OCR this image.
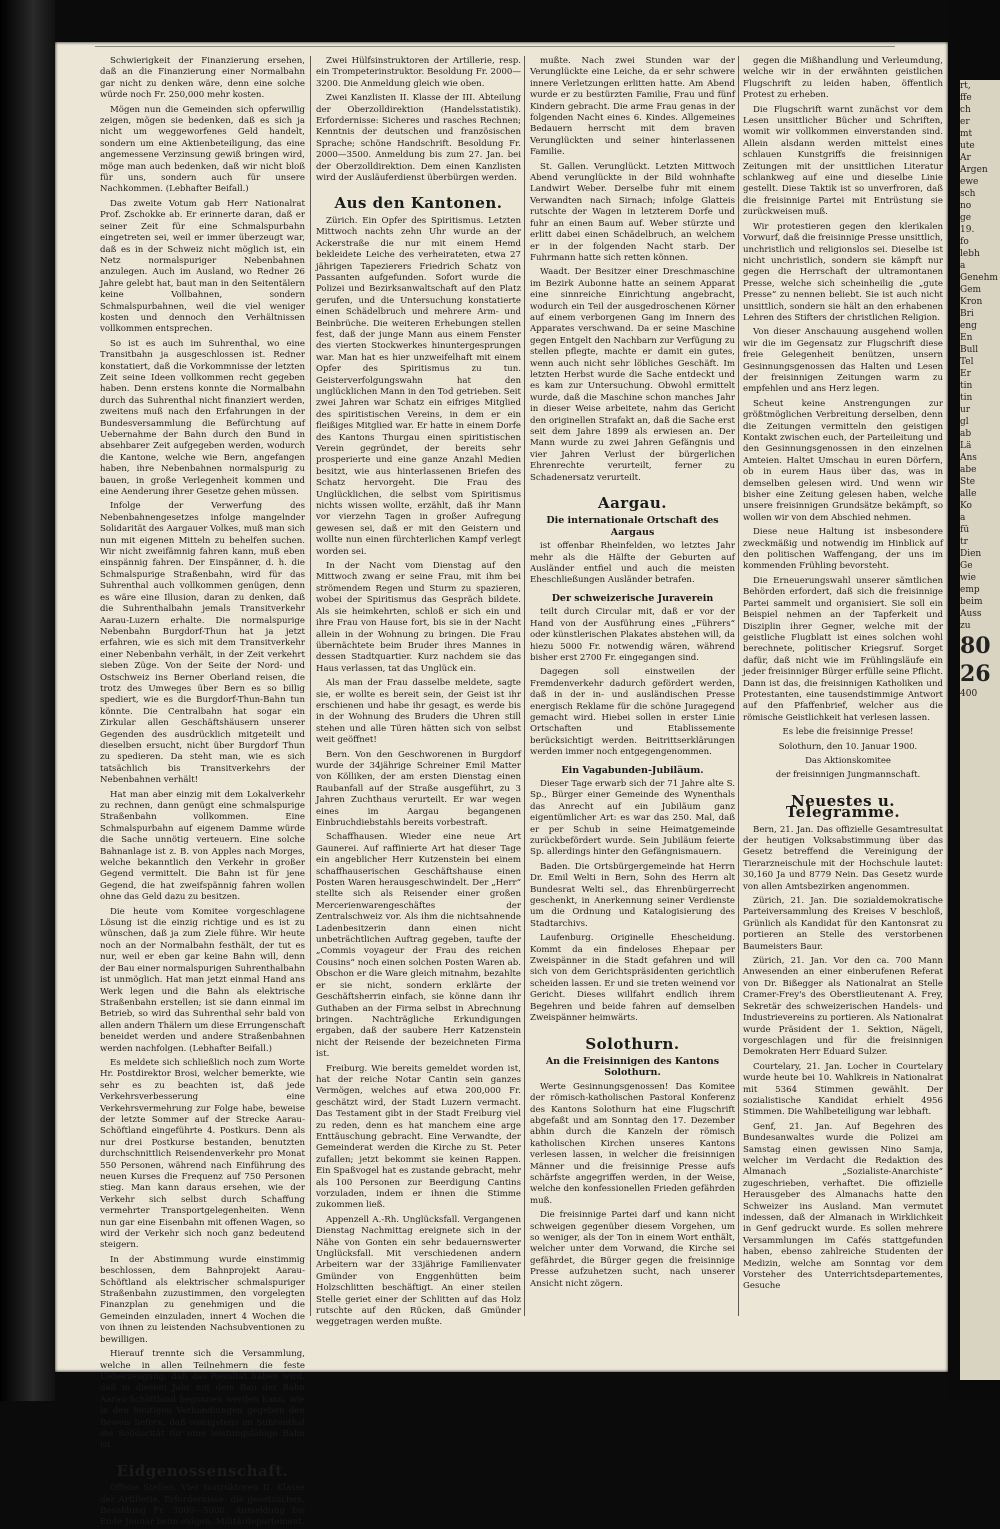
rt,
ffe
ch
er
mt
ute
Ar
Argen
ewe
sch
no
ge
19.
fo
lebh
a
Genehm
Gem
Kron
Bri
eng
En
Bull
Tel
Er
tin
tin
ur
gl
ab
Lä
Ans
abe
Ste
alle
Ko
a
fü
tr
Dien
Ge
wie
emp
beim
Auss
zu
80
26
400

Schwierigkeit der Finanzierung ersehen, daß an die Finanzierung einer Normalbahn gar nicht zu denken wäre, denn eine solche würde noch Fr. 250,000 mehr kosten.

Mögen nun die Gemeinden sich opferwillig zeigen, mögen sie bedenken, daß es sich ja nicht um weggeworfenes Geld handelt, sondern um eine Aktienbeteiligung, das eine angemessene Verzinsung gewiß bringen wird, möge man auch bedenken, daß wir nicht bloß für uns, sondern auch für unsere Nachkommen. (Lebhafter Beifall.)

Das zweite Votum gab Herr Nationalrat Prof. Zschokke ab. Er erinnerte daran, daß er seiner Zeit für eine Schmalspurbahn eingetreten sei, weil er immer überzeugt war, daß es in der Schweiz nicht möglich ist, ein Netz normalspuriger Nebenbahnen anzulegen. Auch im Ausland, wo Redner 26 Jahre gelebt hat, baut man in den Seitentälern keine Vollbahnen, sondern Schmalspurbahnen, weil die viel weniger kosten und dennoch den Verhältnissen vollkommen entsprechen.

So ist es auch im Suhrenthal, wo eine Transitbahn ja ausgeschlossen ist. Redner konstatiert, daß die Vorkommnisse der letzten Zeit seine Ideen vollkommen recht gegeben haben. Denn erstens konnte die Normalbahn durch das Suhrenthal nicht finanziert werden, zweitens muß nach den Erfahrungen in der Bundesversammlung die Befürchtung auf Uebernahme der Bahn durch den Bund in absehbarer Zeit aufgegeben werden, wodurch die Kantone, welche wie Bern, angefangen haben, ihre Nebenbahnen normalspurig zu bauen, in große Verlegenheit kommen und eine Aenderung ihrer Gesetze gehen müssen.

Infolge der Verwerfung des Nebenbahnengesetzes infolge mangelnder Solidarität des Aargauer Volkes, muß man sich nun mit eigenen Mitteln zu behelfen suchen. Wir nicht zweifämnig fahren kann, muß eben einspännig fahren. Der Einspänner, d. h. die Schmalspurige Straßenbahn, wird für das Suhrenthal auch vollkommen genügen, denn es wäre eine Illusion, daran zu denken, daß die Suhrenthalbahn jemals Transitverkehr Aarau-Luzern erhalte. Die normalspurige Nebenbahn Burgdorf-Thun hat ja jetzt erfahren, wie es sich mit dem Transitverkehr einer Nebenbahn verhält, in der Zeit verkehrt sieben Züge. Von der Seite der Nord- und Ostschweiz ins Berner Oberland reisen, die trotz des Umweges über Bern es so billig spediert, wie es die Burgdorf-Thun-Bahn tun könnte. Die Centralbahn hat sogar ein Zirkular allen Geschäftshäusern unserer Gegenden des ausdrücklich mitgeteilt und dieselben ersucht, nicht über Burgdorf Thun zu spedieren. Da steht man, wie es sich tatsächlich bis Transitverkehrs der Nebenbahnen verhält!

Hat man aber einzig mit dem Lokalverkehr zu rechnen, dann genügt eine schmalspurige Straßenbahn vollkommen. Eine Schmalspurbahn auf eigenem Damme würde die Sache unnötig verteuern. Eine solche Bahnanlage ist z. B. von Apples nach Morges, welche bekanntlich den Verkehr in großer Gegend vermittelt. Die Bahn ist für jene Gegend, die hat zweifspännig fahren wollen ohne das Geld dazu zu besitzen.

Die heute vom Komitee vorgeschlagene Lösung ist die einzig richtige und es ist zu wünschen, daß ja zum Ziele führe. Wir heute noch an der Normalbahn festhält, der tut es nur, weil er eben gar keine Bahn will, denn der Bau einer normalspurigen Suhrenthalbahn ist unmöglich. Hat man jetzt einmal Hand ans Werk legen und die Bahn als elektrische Straßenbahn erstellen; ist sie dann einmal im Betrieb, so wird das Suhrenthal sehr bald von allen andern Thälern um diese Errungenschaft beneidet werden und andere Straßenbahnen werden nachfolgen. (Lebhafter Beifall.)

Es meldete sich schließlich noch zum Worte Hr. Postdirektor Brosi, welcher bemerkte, wie sehr es zu beachten ist, daß jede Verkehrsverbesserung eine Verkehrsvermehrung zur Folge habe, beweise der letzte Sommer auf der Strecke Aarau-Schöftland eingeführte 4. Postkurs. Denn als nur drei Postkurse bestanden, benutzten durchschnittlich Reisendenverkehr pro Monat 550 Personen, während nach Einführung des neuen Kurses die Frequenz auf 750 Personen stieg. Man kann daraus ersehen, wie der Verkehr sich selbst durch Schaffung vermehrter Transportgelegenheiten. Wenn nun gar eine Eisenbahn mit offenen Wagen, so wird der Verkehr sich noch ganz bedeutend steigern.

In der Abstimmung wurde einstimmig beschlossen, dem Bahnprojekt Aarau-Schöftland als elektrischer schmalspuriger Straßenbahn zuzustimmen, den vorgelegten Finanzplan zu genehmigen und die Gemeinden einzuladen, innert 4 Wochen die von ihnen zu leistenden Nachsubventionen zu bewilligen.

Hierauf trennte sich die Versammlung, welche in allen Teilnehmern die feste Ueberzeugung, daß das Resultat haben wird, daß in diesem Jahr mit dem Bau der Bahn Aarau-Schöftland begonnen werden kann, wie in den heutigen Verhandlungen gegeben den Beweis liefern, daß wenigstens im Suhrenthal die Solidarität für eine leistungsfähige Bahn ist.

Eidgenossenschaft.

Offene Stellen. Vier Instruktoren II. Klasse der Artillerie. Erfordernisse: die gesetzlichen. Besoldung Fr. 3000—5000. Anmeldung bis Ende Januar beim eidgen. Militärdepartement.

Zwei Hülfsinstruktoren der Artillerie, resp. ein Trompeterinstruktor. Besoldung Fr. 2000—3200. Die Anmeldung gleich wie oben.

Zwei Kanzlisten II. Klasse der III. Abteilung der Oberzolldirektion (Handelsstatistik). Erfordernisse: Sicheres und rasches Rechnen; Kenntnis der deutschen und französischen Sprache; schöne Handschrift. Besoldung Fr. 2000—3500. Anmeldung bis zum 27. Jan. bei der Oberzolldirektion. Dem einen Kanzlisten wird der Ausläuferdienst überbürgen werden.

Aus den Kantonen.

Zürich. Ein Opfer des Spiritismus. Letzten Mittwoch nachts zehn Uhr wurde an der Ackerstraße die nur mit einem Hemd bekleidete Leiche des verheirateten, etwa 27 jährigen Tapezierers Friedrich Schatz von Passanten aufgefunden. Sofort wurde die Polizei und Bezirksanwaltschaft auf den Platz gerufen, und die Untersuchung konstatierte einen Schädelbruch und mehrere Arm- und Beinbrüche. Die weiteren Erhebungen stellen fest, daß der junge Mann aus einem Fenster des vierten Stockwerkes hinuntergesprungen war. Man hat es hier unzweifelhaft mit einem Opfer des Spiritismus zu tun. Geisterverfolgungswahn hat den unglücklichen Mann in den Tod getrieben. Seit zwei Jahren war Schatz ein eifriges Mitglied des spiritistischen Vereins, in dem er ein fleißiges Mitglied war. Er hatte in einem Dorfe des Kantons Thurgau einen spiritistischen Verein gegründet, der bereits sehr prosperierte und eine ganze Anzahl Medien besitzt, wie aus hinterlassenen Briefen des Schatz hervorgeht. Die Frau des Unglücklichen, die selbst vom Spiritismus nichts wissen wollte, erzählt, daß ihr Mann vor vierzehn Tagen in großer Aufregung gewesen sei, daß er mit den Geistern und wollte nun einen fürchterlichen Kampf verlegt worden sei.

In der Nacht vom Dienstag auf den Mittwoch zwang er seine Frau, mit ihm bei strömendem Regen und Sturm zu spazieren, wobei der Spiritismus das Gespräch bildete. Als sie heimkehrten, schloß er sich ein und ihre Frau von Hause fort, bis sie in der Nacht allein in der Wohnung zu bringen. Die Frau übernächtete beim Bruder ihres Mannes in dessen Stadtquartier. Kurz nachdem sie das Haus verlassen, tat das Unglück ein.

Als man der Frau dasselbe meldete, sagte sie, er wollte es bereit sein, der Geist ist ihr erschienen und habe ihr gesagt, es werde bis in der Wohnung des Bruders die Uhren still stehen und alle Türen hätten sich von selbst weit geöffnet!

Bern. Von den Geschworenen in Burgdorf wurde der 34jährige Schreiner Emil Matter von Kölliken, der am ersten Dienstag einen Raubanfall auf der Straße ausgeführt, zu 3 Jahren Zuchthaus verurteilt. Er war wegen eines im Aargau begangenen Einbruchdiebstahls bereits vorbestraft.

Schaffhausen. Wieder eine neue Art Gaunerei. Auf raffinierte Art hat dieser Tage ein angeblicher Herr Kutzenstein bei einem schaffhauserischen Geschäftshause einen Posten Waren herausgeschwindelt. Der „Herr“ stellte sich als Reisender einer großen Mercerienwarengeschäftes der Zentralschweiz vor. Als ihm die nichtsahnende Ladenbesitzerin dann einen nicht unbeträchtlichen Auftrag gegeben, taufte der „Commis voyageur der Frau des reichen Cousins“ noch einen solchen Posten Waren ab. Obschon er die Ware gleich mitnahm, bezahlte er sie nicht, sondern erklärte der Geschäftsherrin einfach, sie könne dann ihr Guthaben an der Firma selbst in Abrechnung bringen. Nachträgliche Erkundigungen ergaben, daß der saubere Herr Katzenstein nicht der Reisende der bezeichneten Firma ist.

Freiburg. Wie bereits gemeldet worden ist, hat der reiche Notar Cantin sein ganzes Vermögen, welches auf etwa 200,000 Fr. geschätzt wird, der Stadt Luzern vermacht. Das Testament gibt in der Stadt Freiburg viel zu reden, denn es hat manchem eine arge Enttäuschung gebracht. Eine Verwandte, der Gemeinderat werden die Kirche zu St. Peter zufallen; jetzt bekommt sie keinen Rappen. Ein Spaßvogel hat es zustande gebracht, mehr als 100 Personen zur Beerdigung Cantins vorzuladen, indem er ihnen die Stimme zukommen ließ.

Appenzell A.-Rh. Unglücksfall. Vergangenen Dienstag Nachmittag ereignete sich in der Nähe von Gonten ein sehr bedauernswerter Unglücksfall. Mit verschiedenen andern Arbeitern war der 33jährige Familienvater Gmünder von Enggenhütten beim Holzschlitten beschäftigt. An einer steilen Stelle geriet einer der Schlitten auf das Holz rutschte auf den Rücken, daß Gmünder weggetragen werden mußte.

mußte. Nach zwei Stunden war der Verunglückte eine Leiche, da er sehr schwere innere Verletzungen erlitten hatte. Am Abend wurde er zu bestürzten Familie, Frau und fünf Kindern gebracht. Die arme Frau genas in der folgenden Nacht eines 6. Kindes. Allgemeines Bedauern herrscht mit dem braven Verunglückten und seiner hinterlassenen Familie.

St. Gallen. Verunglückt. Letzten Mittwoch Abend verunglückte in der Bild wohnhafte Landwirt Weber. Derselbe fuhr mit einem Verwandten nach Sirnach; infolge Glatteis rutschte der Wagen in letzterem Dorfe und fuhr an einen Baum auf. Weber stürzte und erlitt dabei einen Schädelbruch, an welchem er in der folgenden Nacht starb. Der Fuhrmann hatte sich retten können.

Waadt. Der Besitzer einer Dreschmaschine im Bezirk Aubonne hatte an seinem Apparat eine sinnreiche Einrichtung angebracht, wodurch ein Teil der ausgedroschenen Körner auf einem verborgenen Gang im Innern des Apparates verschwand. Da er seine Maschine gegen Entgelt den Nachbarn zur Verfügung zu stellen pflegte, machte er damit ein gutes, wenn auch nicht sehr löbliches Geschäft. Im letzten Herbst wurde die Sache entdeckt und es kam zur Untersuchung. Obwohl ermittelt wurde, daß die Maschine schon manches Jahr in dieser Weise arbeitete, nahm das Gericht den originellen Strafakt an, daß die Sache erst seit dem Jahre 1899 als erwiesen an. Der Mann wurde zu zwei Jahren Gefängnis und vier Jahren Verlust der bürgerlichen Ehrenrechte verurteilt, ferner zu Schadenersatz verurteilt.

Aargau.
Die internationale Ortschaft des Aargaus

ist offenbar Rheinfelden, wo letztes Jahr mehr als die Hälfte der Geburten auf Ausländer entfiel und auch die meisten Eheschließungen Ausländer betrafen.

Der schweizerische Juraverein

teilt durch Circular mit, daß er vor der Hand von der Ausführung eines „Führers“ oder künstlerischen Plakates abstehen will, da hiezu 5000 Fr. notwendig wären, während bisher erst 2700 Fr. eingegangen sind.

Dagegen soll einstweilen der Fremdenverkehr dadurch gefördert werden, daß in der in- und ausländischen Presse energisch Reklame für die schöne Juragegend gemacht wird. Hiebei sollen in erster Linie Ortschaften und Etablissemente berücksichtigt werden. Beitrittserklärungen werden immer noch entgegengenommen.

Ein Vagabunden-Jubiläum.

Dieser Tage erwarb sich der 71 Jahre alte S. Sp., Bürger einer Gemeinde des Wynenthals das Anrecht auf ein Jubiläum ganz eigentümlicher Art: es war das 250. Mal, daß er per Schub in seine Heimatgemeinde zurückbefördert wurde. Sein Jubiläum feierte Sp. allerdings hinter den Gefängnismauern.

Baden. Die Ortsbürgergemeinde hat Herrn Dr. Emil Welti in Bern, Sohn des Herrn alt Bundesrat Welti sel., das Ehrenbürgerrecht geschenkt, in Anerkennung seiner Verdienste um die Ordnung und Katalogisierung des Stadtarchivs.

Laufenburg. Originelle Ehescheidung. Kommt da ein findeloses Ehepaar per Zweispänner in die Stadt gefahren und will sich von dem Gerichtspräsidenten gerichtlich scheiden lassen. Er und sie treten weinend vor Gericht. Dieses willfahrt endlich ihrem Begehren und beide fahren auf demselben Zweispänner heimwärts.

Solothurn.
An die Freisinnigen des Kantons Solothurn.

Werte Gesinnungsgenossen! Das Komitee der römisch-katholischen Pastoral Konferenz des Kantons Solothurn hat eine Flugschrift abgefaßt und am Sonntag den 17. Dezember abhin durch die Kanzeln der römisch katholischen Kirchen unseres Kantons verlesen lassen, in welcher die freisinnigen Männer und die freisinnige Presse aufs schärfste angegriffen werden, in der Weise, welche den konfessionellen Frieden gefährden muß.

Die freisinnige Partei darf und kann nicht schweigen gegenüber diesem Vorgehen, um so weniger, als der Ton in einem Wort enthält, welcher unter dem Vorwand, die Kirche sei gefährdet, die Bürger gegen die freisinnige Presse aufzuhetzen sucht, nach unserer Ansicht nicht zögern.

gegen die Mißhandlung und Verleumdung, welche wir in der erwähnten geistlichen Flugschrift zu leiden haben, öffentlich Protest zu erheben.

Die Flugschrift warnt zunächst vor dem Lesen unsittlicher Bücher und Schriften, womit wir vollkommen einverstanden sind. Allein alsdann werden mittelst eines schlauen Kunstgriffs die freisinnigen Zeitungen mit der unsittlichen Literatur schlankweg auf eine und dieselbe Linie gestellt. Diese Taktik ist so unverfroren, daß die freisinnige Partei mit Entrüstung sie zurückweisen muß.

Wir protestieren gegen den klerikalen Vorwurf, daß die freisinnige Presse unsittlich, unchristlich und religionslos sei. Dieselbe ist nicht unchristlich, sondern sie kämpft nur gegen die Herrschaft der ultramontanen Presse, welche sich scheinheilig die „gute Presse“ zu nennen beliebt. Sie ist auch nicht unsittlich, sondern sie hält an den erhabenen Lehren des Stifters der christlichen Religion.

Von dieser Anschauung ausgehend wollen wir die im Gegensatz zur Flugschrift diese freie Gelegenheit benützen, unsern Gesinnungsgenossen das Halten und Lesen der freisinnigen Zeitungen warm zu empfehlen und ans Herz legen.

Scheut keine Anstrengungen zur größtmöglichen Verbreitung derselben, denn die Zeitungen vermitteln den geistigen Kontakt zwischen euch, der Parteileitung und den Gesinnungsgenossen in den einzelnen Amteien. Haltet Umschau in euren Dörfern, ob in eurem Haus über das, was in demselben gelesen wird. Und wenn wir bisher eine Zeitung gelesen haben, welche unsere freisinnigen Grundsätze bekämpft, so wollen wir von dem Abschied nehmen.

Diese neue Haltung ist insbesondere zweckmäßig und notwendig im Hinblick auf den politischen Waffengang, der uns im kommenden Frühling bevorsteht.

Die Erneuerungswahl unserer sämtlichen Behörden erfordert, daß sich die freisinnige Partei sammelt und organisiert. Sie soll ein Beispiel nehmen an der Tapferkeit und Disziplin ihrer Gegner, welche mit der geistliche Flugblatt ist eines solchen wohl berechnete, politischer Kriegsruf. Sorget dafür, daß nicht wie im Frühlingsläufe ein jeder freisinniger Bürger erfülle seine Pflicht. Dann ist das, die freisinnigen Katholiken und Protestanten, eine tausendstimmige Antwort auf den Pfaffenbrief, welcher aus die römische Geistlichkeit hat verlesen lassen.

Es lebe die freisinnige Presse!

Solothurn, den 10. Januar 1900.

Das Aktionskomitee

der freisinnigen Jungmannschaft.

Neuestes u. Telegramme.

Bern, 21. Jan. Das offizielle Gesamtresultat der heutigen Volksabstimmung über das Gesetz betreffend die Vereinigung der Tierarzneischule mit der Hochschule lautet: 30,160 Ja und 8779 Nein. Das Gesetz wurde von allen Amtsbezirken angenommen.

Zürich, 21. Jan. Die sozialdemokratische Parteiversammlung des Kreises V beschloß, Grünlich als Kandidat für den Kantonsrat zu portieren an Stelle des verstorbenen Baumeisters Baur.

Zürich, 21. Jan. Vor den ca. 700 Mann Anwesenden an einer einberufenen Referat von Dr. Bißegger als Nationalrat an Stelle Cramer-Frey's des Oberstlieutenant A. Frey, Sekretär des schweizerischen Handels- und Industrievereins zu portieren. Als Nationalrat wurde Präsident der 1. Sektion, Nägeli, vorgeschlagen und für die freisinnigen Demokraten Herr Eduard Sulzer.

Courtelary, 21. Jan. Locher in Courtelary wurde heute bei 10. Wahlkreis in Nationalrat mit 5364 Stimmen gewählt. Der sozialistische Kandidat erhielt 4956 Stimmen. Die Wahlbeteiligung war lebhaft.

Genf, 21. Jan. Auf Begehren des Bundesanwaltes wurde die Polizei am Samstag einen gewissen Nino Samja, welcher im Verdacht die Redaktion des Almanach „Sozialiste-Anarchiste“ zugeschrieben, verhaftet. Die offizielle Herausgeber des Almanachs hatte den Schweizer ins Ausland. Man vermutet indessen, daß der Almanach in Wirklichkeit in Genf gedruckt wurde. Es sollen mehrere Versammlungen im Cafés stattgefunden haben, ebenso zahlreiche Studenten der Medizin, welche am Sonntag vor dem Vorsteher des Unterrichtsdepartementes, Gesuche
